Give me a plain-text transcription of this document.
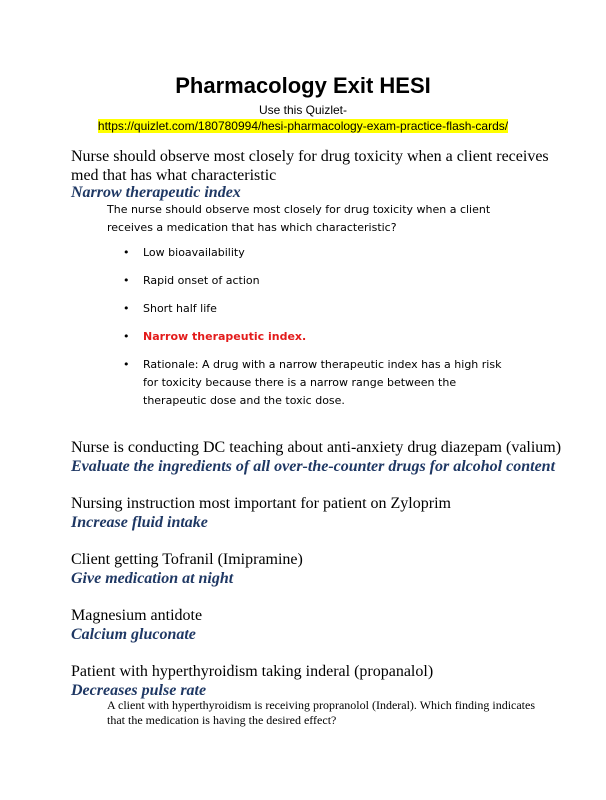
Pharmacology Exit HESI
Use this Quizlet-
https://quizlet.com/180780994/hesi-pharmacology-exam-practice-flash-cards/
Nurse should observe most closely for drug toxicity when a client receives med that has what characteristic
Narrow therapeutic index
The nurse should observe most closely for drug toxicity when a client receives a medication that has which characteristic?
• Low bioavailability
• Rapid onset of action
• Short half life
• Narrow therapeutic index.
• Rationale: A drug with a narrow therapeutic index has a high risk for toxicity because there is a narrow range between the therapeutic dose and the toxic dose.
Nurse is conducting DC teaching about anti-anxiety drug diazepam (valium)
Evaluate the ingredients of all over-the-counter drugs for alcohol content
Nursing instruction most important for patient on Zyloprim
Increase fluid intake
Client getting Tofranil (Imipramine)
Give medication at night
Magnesium antidote
Calcium gluconate
Patient with hyperthyroidism taking inderal (propanalol)
Decreases pulse rate
A client with hyperthyroidism is receiving propranolol (Inderal). Which finding indicates that the medication is having the desired effect?
